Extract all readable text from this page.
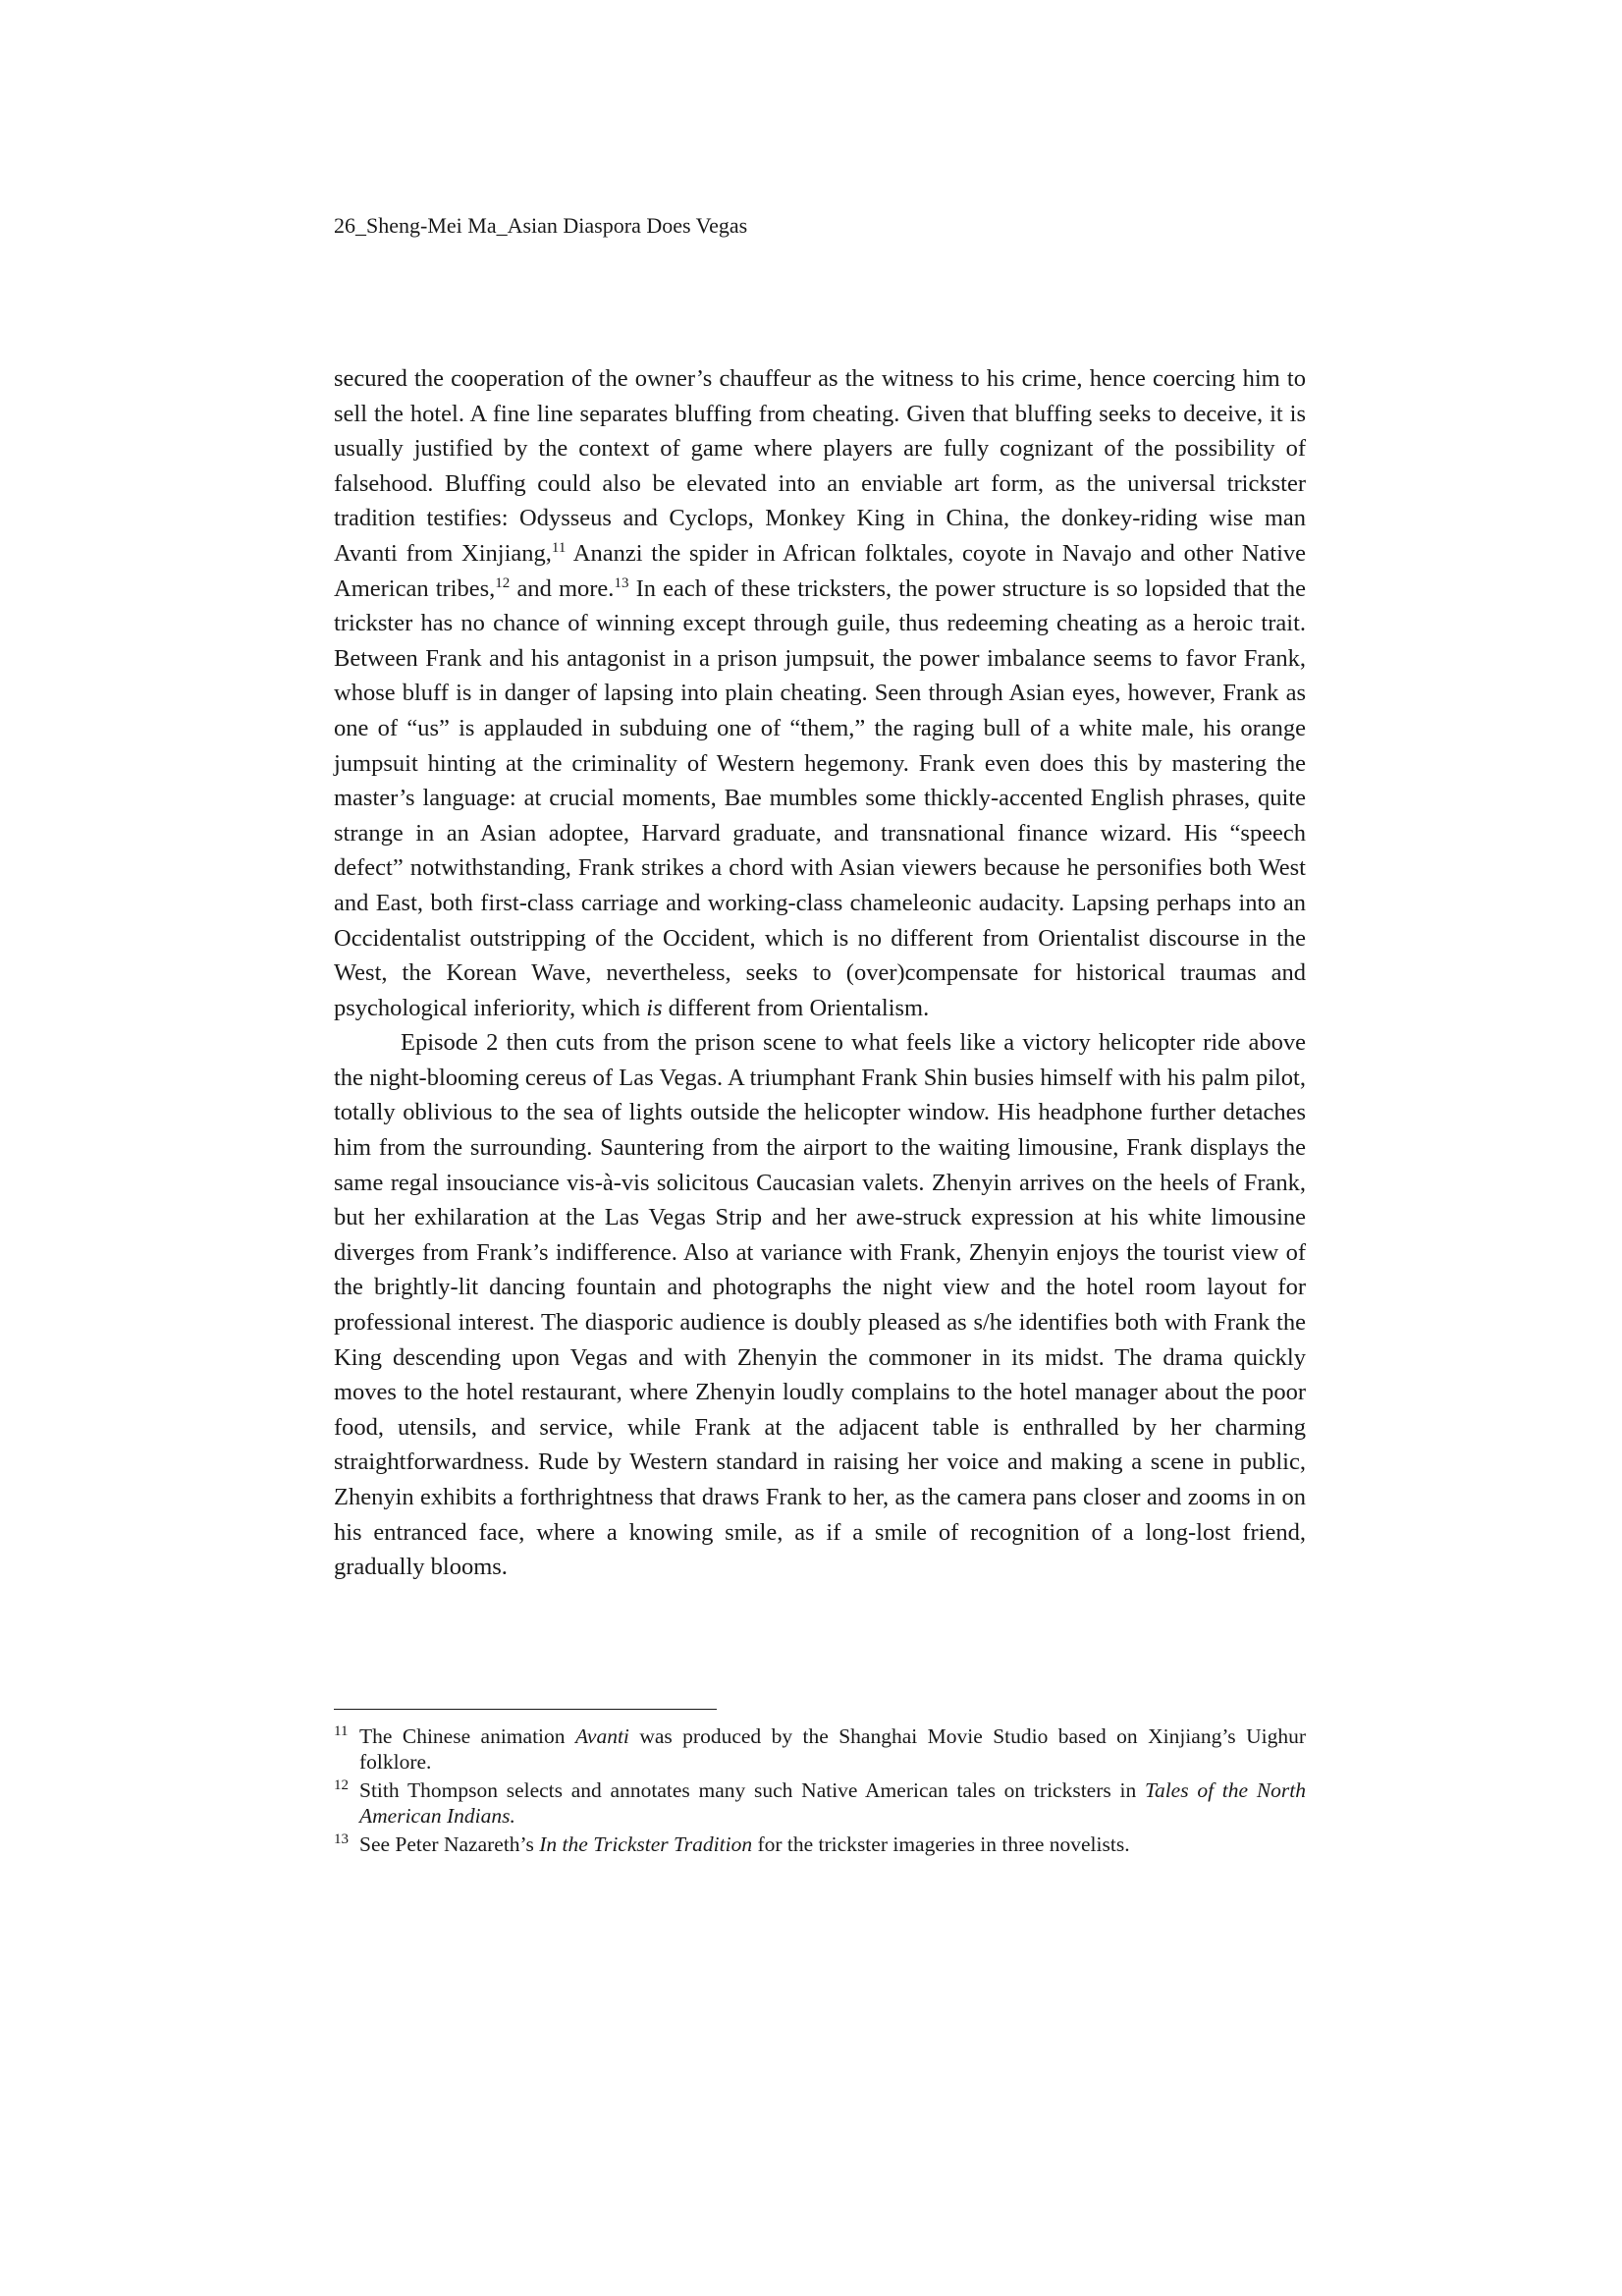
26_Sheng-Mei Ma_Asian Diaspora Does Vegas

secured the cooperation of the owner’s chauffeur as the witness to his crime, hence coercing him to sell the hotel. A fine line separates bluffing from cheating. Given that bluffing seeks to deceive, it is usually justified by the context of game where players are fully cognizant of the possibility of falsehood. Bluffing could also be elevated into an enviable art form, as the universal trickster tradition testifies: Odysseus and Cyclops, Monkey King in China, the donkey-riding wise man Avanti from Xinjiang,$^{11}$ Ananzi the spider in African folktales, coyote in Navajo and other Native American tribes,$^{12}$ and more.$^{13}$ In each of these tricksters, the power structure is so lopsided that the trickster has no chance of winning except through guile, thus redeeming cheating as a heroic trait. Between Frank and his antagonist in a prison jumpsuit, the power imbalance seems to favor Frank, whose bluff is in danger of lapsing into plain cheating. Seen through Asian eyes, however, Frank as one of “us” is applauded in subduing one of “them,” the raging bull of a white male, his orange jumpsuit hinting at the criminality of Western hegemony. Frank even does this by mastering the master’s language: at crucial moments, Bae mumbles some thickly-accented English phrases, quite strange in an Asian adoptee, Harvard graduate, and transnational finance wizard. His “speech defect” notwithstanding, Frank strikes a chord with Asian viewers because he personifies both West and East, both first-class carriage and working-class chameleonic audacity. Lapsing perhaps into an Occidentalist outstripping of the Occident, which is no different from Orientalist discourse in the West, the Korean Wave, nevertheless, seeks to (over)compensate for historical traumas and psychological inferiority, which is different from Orientalism.

Episode 2 then cuts from the prison scene to what feels like a victory helicopter ride above the night-blooming cereus of Las Vegas. A triumphant Frank Shin busies himself with his palm pilot, totally oblivious to the sea of lights outside the helicopter window. His headphone further detaches him from the surrounding. Sauntering from the airport to the waiting limousine, Frank displays the same regal insouciance vis-à-vis solicitous Caucasian valets. Zhenyin arrives on the heels of Frank, but her exhilaration at the Las Vegas Strip and her awe-struck expression at his white limousine diverges from Frank’s indifference. Also at variance with Frank, Zhenyin enjoys the tourist view of the brightly-lit dancing fountain and photographs the night view and the hotel room layout for professional interest. The diasporic audience is doubly pleased as s/he identifies both with Frank the King descending upon Vegas and with Zhenyin the commoner in its midst. The drama quickly moves to the hotel restaurant, where Zhenyin loudly complains to the hotel manager about the poor food, utensils, and service, while Frank at the adjacent table is enthralled by her charming straightforwardness. Rude by Western standard in raising her voice and making a scene in public, Zhenyin exhibits a forthrightness that draws Frank to her, as the camera pans closer and zooms in on his entranced face, where a knowing smile, as if a smile of recognition of a long-lost friend, gradually blooms.

11 The Chinese animation Avanti was produced by the Shanghai Movie Studio based on Xinjiang’s Uighur folklore.
12 Stith Thompson selects and annotates many such Native American tales on tricksters in Tales of the North American Indians.
13 See Peter Nazareth’s In the Trickster Tradition for the trickster imageries in three novelists.
